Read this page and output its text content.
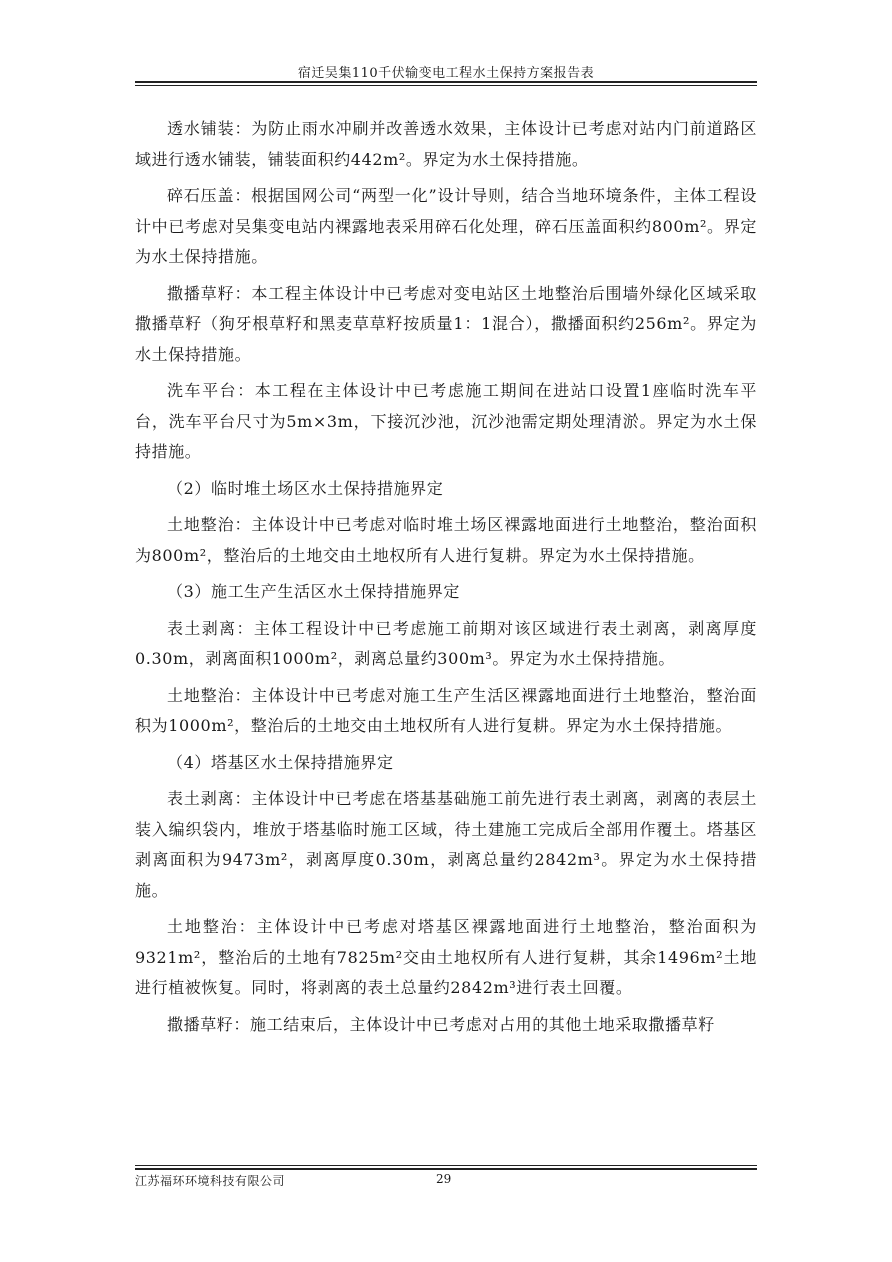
宿迁吴集110千伏输变电工程水土保持方案报告表

透水铺装：为防止雨水冲刷并改善透水效果，主体设计已考虑对站内门前道路区域进行透水铺装，铺装面积约442m²。界定为水土保持措施。

碎石压盖：根据国网公司“两型一化”设计导则，结合当地环境条件，主体工程设计中已考虑对吴集变电站内裸露地表采用碎石化处理，碎石压盖面积约800m²。界定为水土保持措施。

撒播草籽：本工程主体设计中已考虑对变电站区土地整治后围墙外绿化区域采取撒播草籽（狗牙根草籽和黑麦草草籽按质量1：1混合），撒播面积约256m²。界定为水土保持措施。

洗车平台：本工程在主体设计中已考虑施工期间在进站口设置1座临时洗车平台，洗车平台尺寸为5m×3m，下接沉沙池，沉沙池需定期处理清淤。界定为水土保持措施。

（2）临时堆土场区水土保持措施界定

土地整治：主体设计中已考虑对临时堆土场区裸露地面进行土地整治，整治面积为800m²，整治后的土地交由土地权所有人进行复耕。界定为水土保持措施。

（3）施工生产生活区水土保持措施界定

表土剥离：主体工程设计中已考虑施工前期对该区域进行表土剥离，剥离厚度0.30m，剥离面积1000m²，剥离总量约300m³。界定为水土保持措施。

土地整治：主体设计中已考虑对施工生产生活区裸露地面进行土地整治，整治面积为1000m²，整治后的土地交由土地权所有人进行复耕。界定为水土保持措施。

（4）塔基区水土保持措施界定

表土剥离：主体设计中已考虑在塔基基础施工前先进行表土剥离，剥离的表层土装入编织袋内，堆放于塔基临时施工区域，待土建施工完成后全部用作覆土。塔基区剥离面积为9473m²，剥离厚度0.30m，剥离总量约2842m³。界定为水土保持措施。

土地整治：主体设计中已考虑对塔基区裸露地面进行土地整治，整治面积为9321m²，整治后的土地有7825m²交由土地权所有人进行复耕，其余1496m²土地进行植被恢复。同时，将剥离的表土总量约2842m³进行表土回覆。

撒播草籽：施工结束后，主体设计中已考虑对占用的其他土地采取撒播草籽

江苏福环环境科技有限公司	29
